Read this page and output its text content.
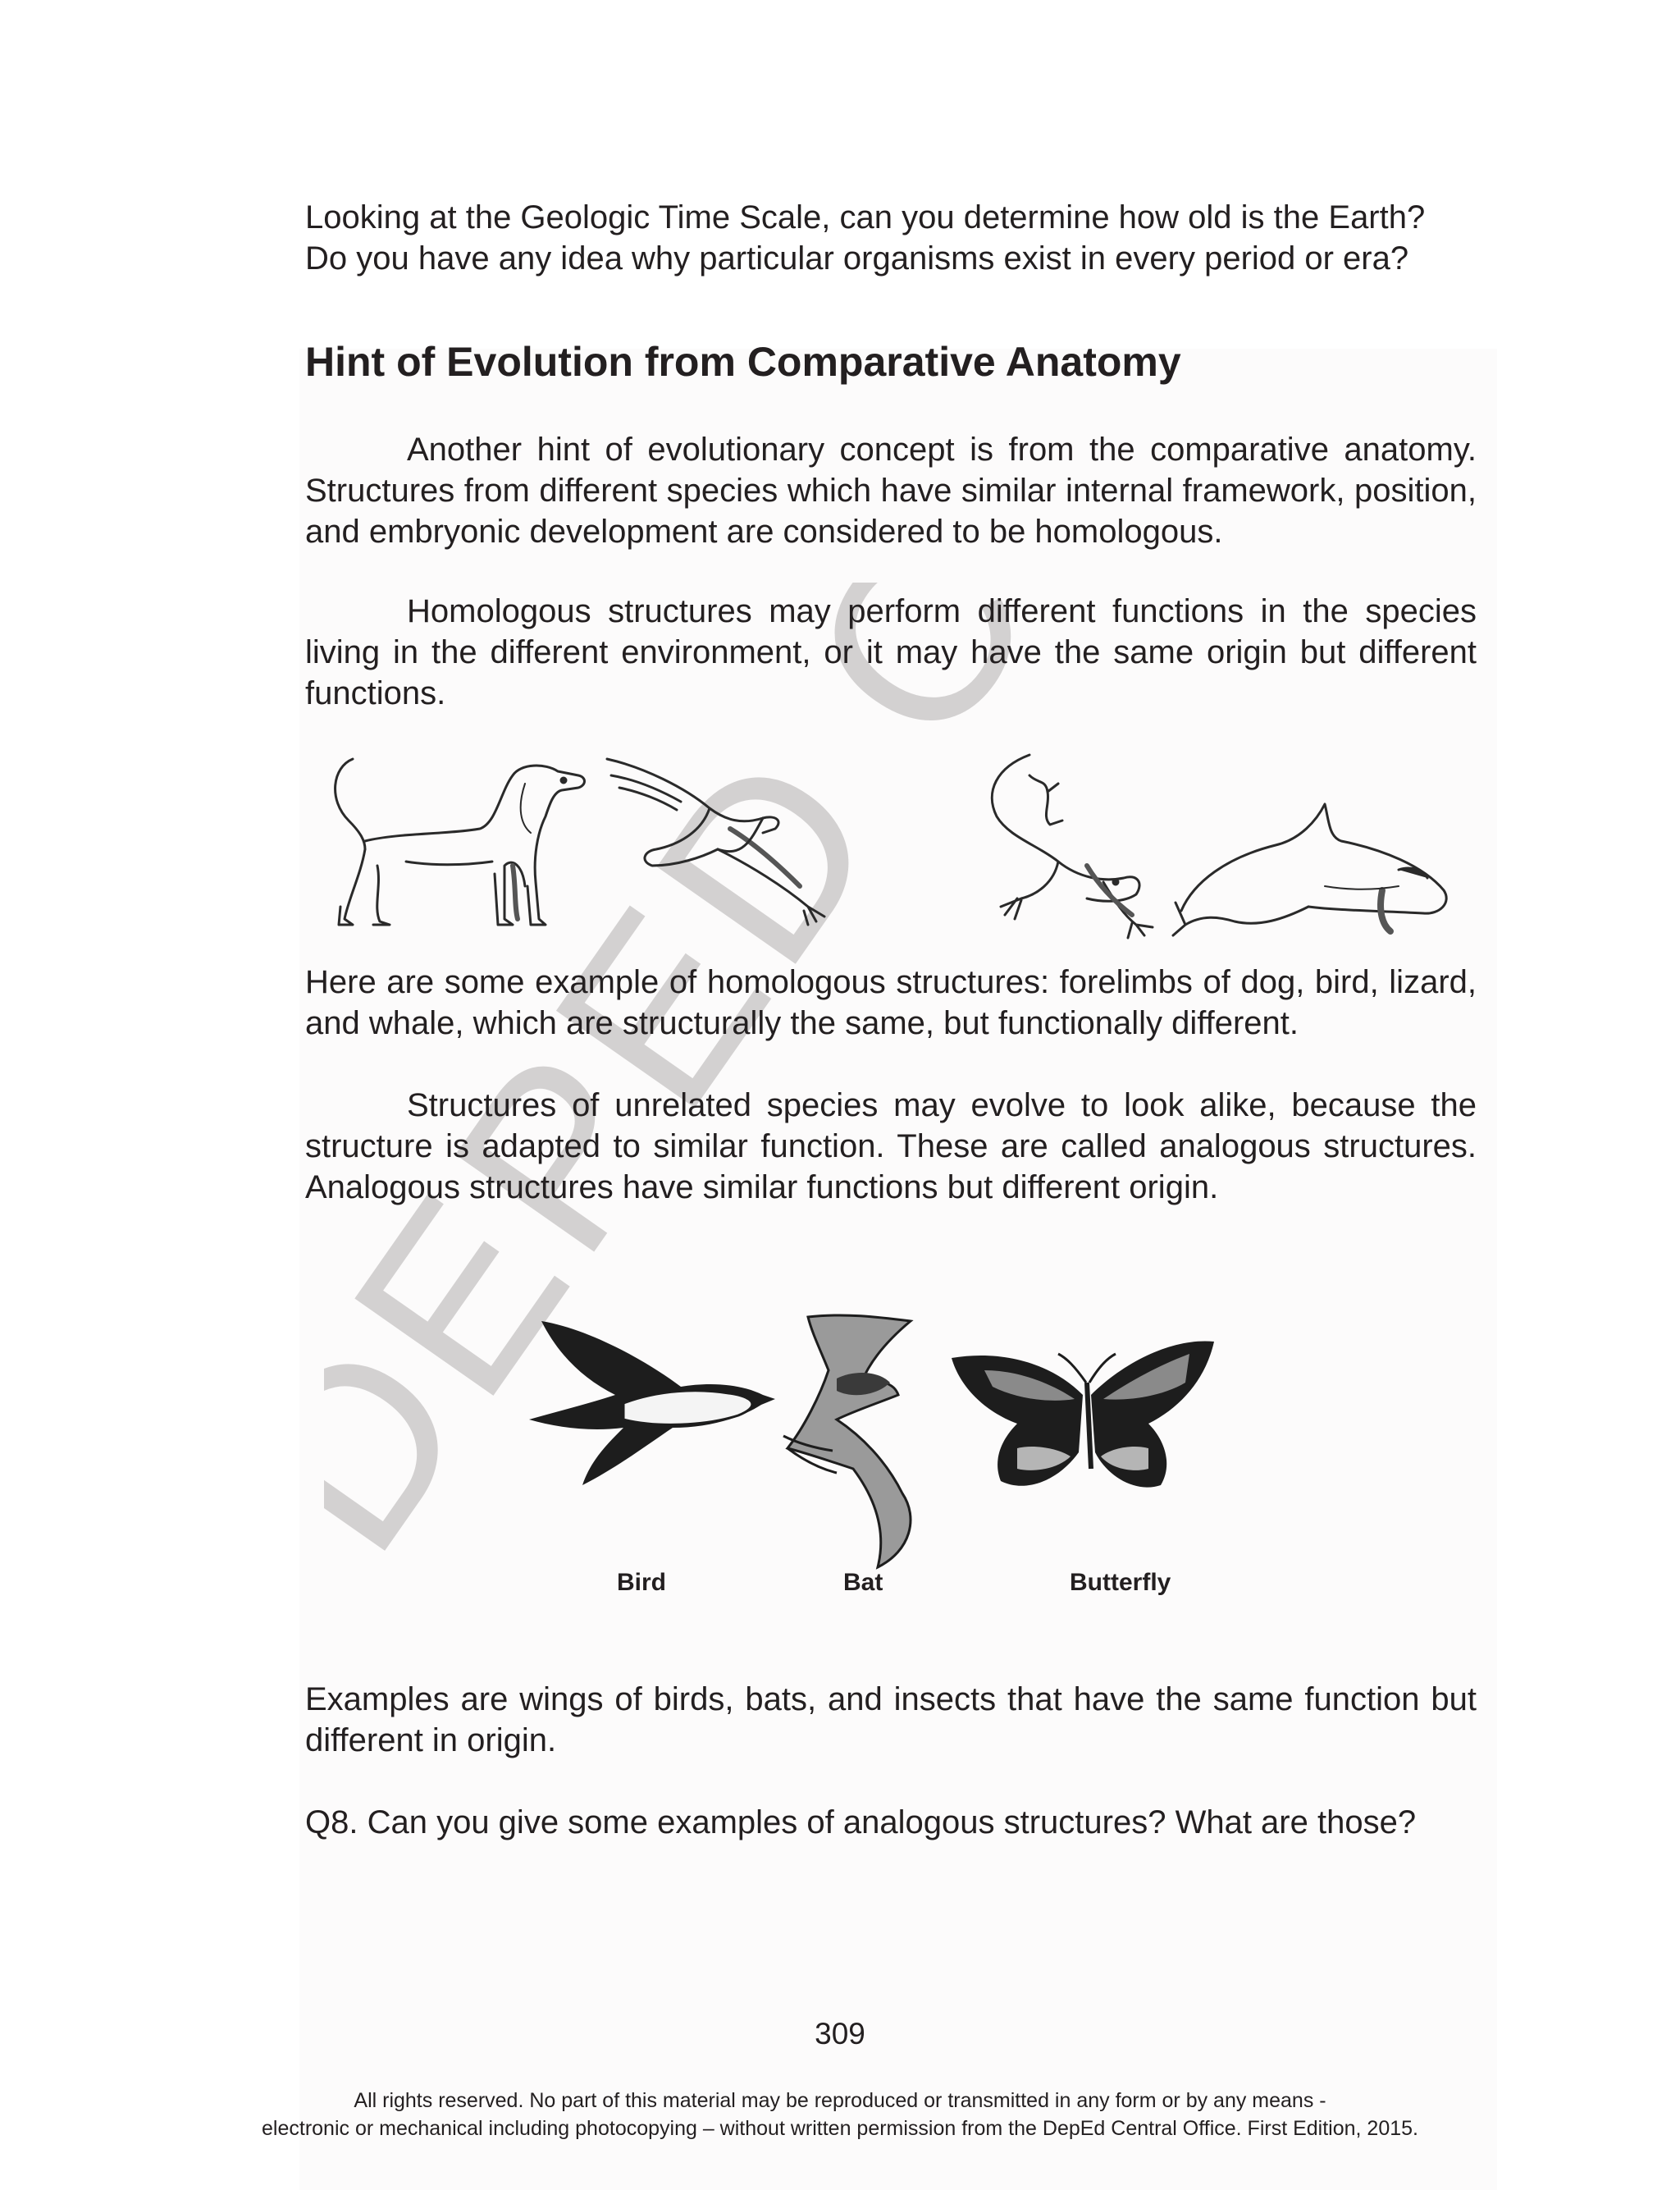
Looking at the Geologic Time Scale, can you determine how old is the Earth?
Do you have any idea why particular organisms exist in every period or era?
Hint of Evolution from Comparative Anatomy
Another hint of evolutionary concept is from the comparative anatomy. Structures from different species which have similar internal framework, position, and embryonic development are considered to be homologous.
Homologous structures may perform different functions in the species living in the different environment, or it may have the same origin but different functions.
Here are some example of homologous structures: forelimbs of dog, bird, lizard, and whale, which are structurally the same, but functionally different.
Structures of unrelated species may evolve to look alike, because the structure is adapted to similar function. These are called analogous structures. Analogous structures have similar functions but different origin.
Bird	Bat	Butterfly
Examples are wings of birds, bats, and insects that have the same function but different in origin.
Q8. Can you give some examples of analogous structures? What are those?
309
All rights reserved. No part of this material may be reproduced or transmitted in any form or by any means -
electronic or mechanical including photocopying – without written permission from the DepEd Central Office. First Edition, 2015.
